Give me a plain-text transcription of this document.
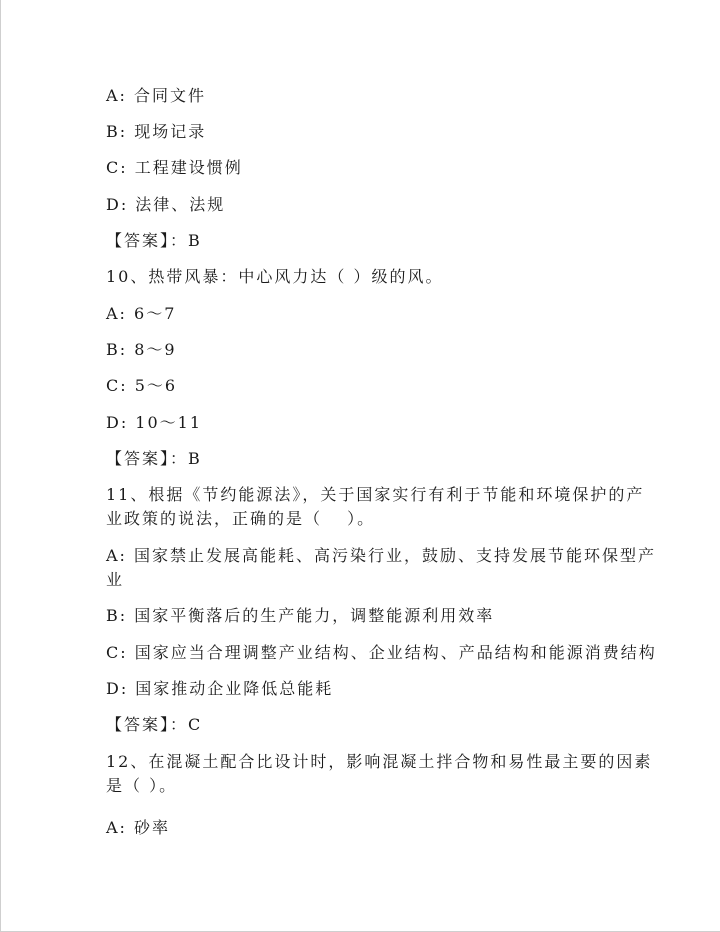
A: 合同文件
B: 现场记录
C: 工程建设惯例
D: 法律、法规
【答案】：B
10、热带风暴：中心风力达（ ）级的风。
A: 6～7
B: 8～9
C: 5～6
D: 10～11
【答案】：B
11、根据《节约能源法》，关于国家实行有利于节能和环境保护的产
业政策的说法，正确的是（　 ）。
A: 国家禁止发展高能耗、高污染行业，鼓励、支持发展节能环保型产
业
B: 国家平衡落后的生产能力，调整能源利用效率
C: 国家应当合理调整产业结构、企业结构、产品结构和能源消费结构
D: 国家推动企业降低总能耗
【答案】：C
12、在混凝土配合比设计时，影响混凝土拌合物和易性最主要的因素
是（ ）。
A: 砂率
